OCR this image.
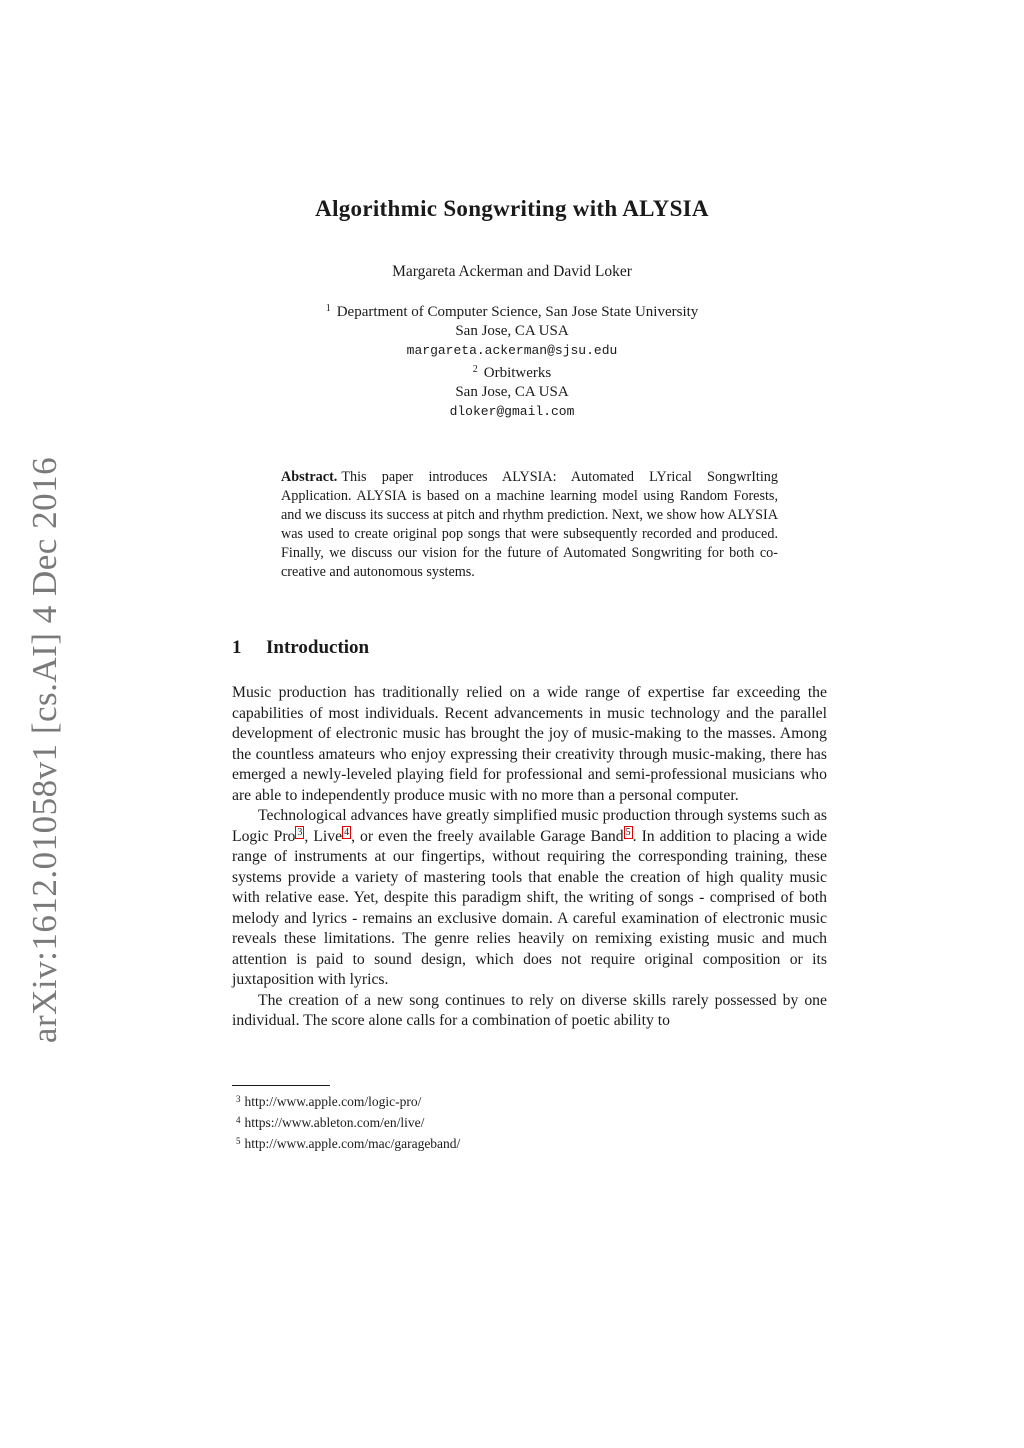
arXiv:1612.01058v1 [cs.AI] 4 Dec 2016
Algorithmic Songwriting with ALYSIA
Margareta Ackerman and David Loker
$^1$ Department of Computer Science, San Jose State University
San Jose, CA USA
margareta.ackerman@sjsu.edu
$^2$ Orbitwerks
San Jose, CA USA
dloker@gmail.com
Abstract. This paper introduces ALYSIA: Automated LYrical SongwrIting Application. ALYSIA is based on a machine learning model using Random Forests, and we discuss its success at pitch and rhythm prediction. Next, we show how ALYSIA was used to create original pop songs that were subsequently recorded and produced. Finally, we discuss our vision for the future of Automated Songwriting for both co-creative and autonomous systems.
1 Introduction

Music production has traditionally relied on a wide range of expertise far exceeding the capabilities of most individuals. Recent advancements in music technology and the parallel development of electronic music has brought the joy of music-making to the masses. Among the countless amateurs who enjoy expressing their creativity through music-making, there has emerged a newly-leveled playing field for professional and semi-professional musicians who are able to independently produce music with no more than a personal computer.

Technological advances have greatly simplified music production through systems such as Logic Pro $^3$ , Live $^4$ , or even the freely available Garage Band $^5$ . In addition to placing a wide range of instruments at our fingertips, without requiring the corresponding training, these systems provide a variety of mastering tools that enable the creation of high quality music with relative ease. Yet, despite this paradigm shift, the writing of songs - comprised of both melody and lyrics - remains an exclusive domain. A careful examination of electronic music reveals these limitations. The genre relies heavily on remixing existing music and much attention is paid to sound design, which does not require original composition or its juxtaposition with lyrics.

The creation of a new song continues to rely on diverse skills rarely possessed by one individual. The score alone calls for a combination of poetic ability to

$^3$ http://www.apple.com/logic-pro/
$^4$ https://www.ableton.com/en/live/
$^5$ http://www.apple.com/mac/garageband/
